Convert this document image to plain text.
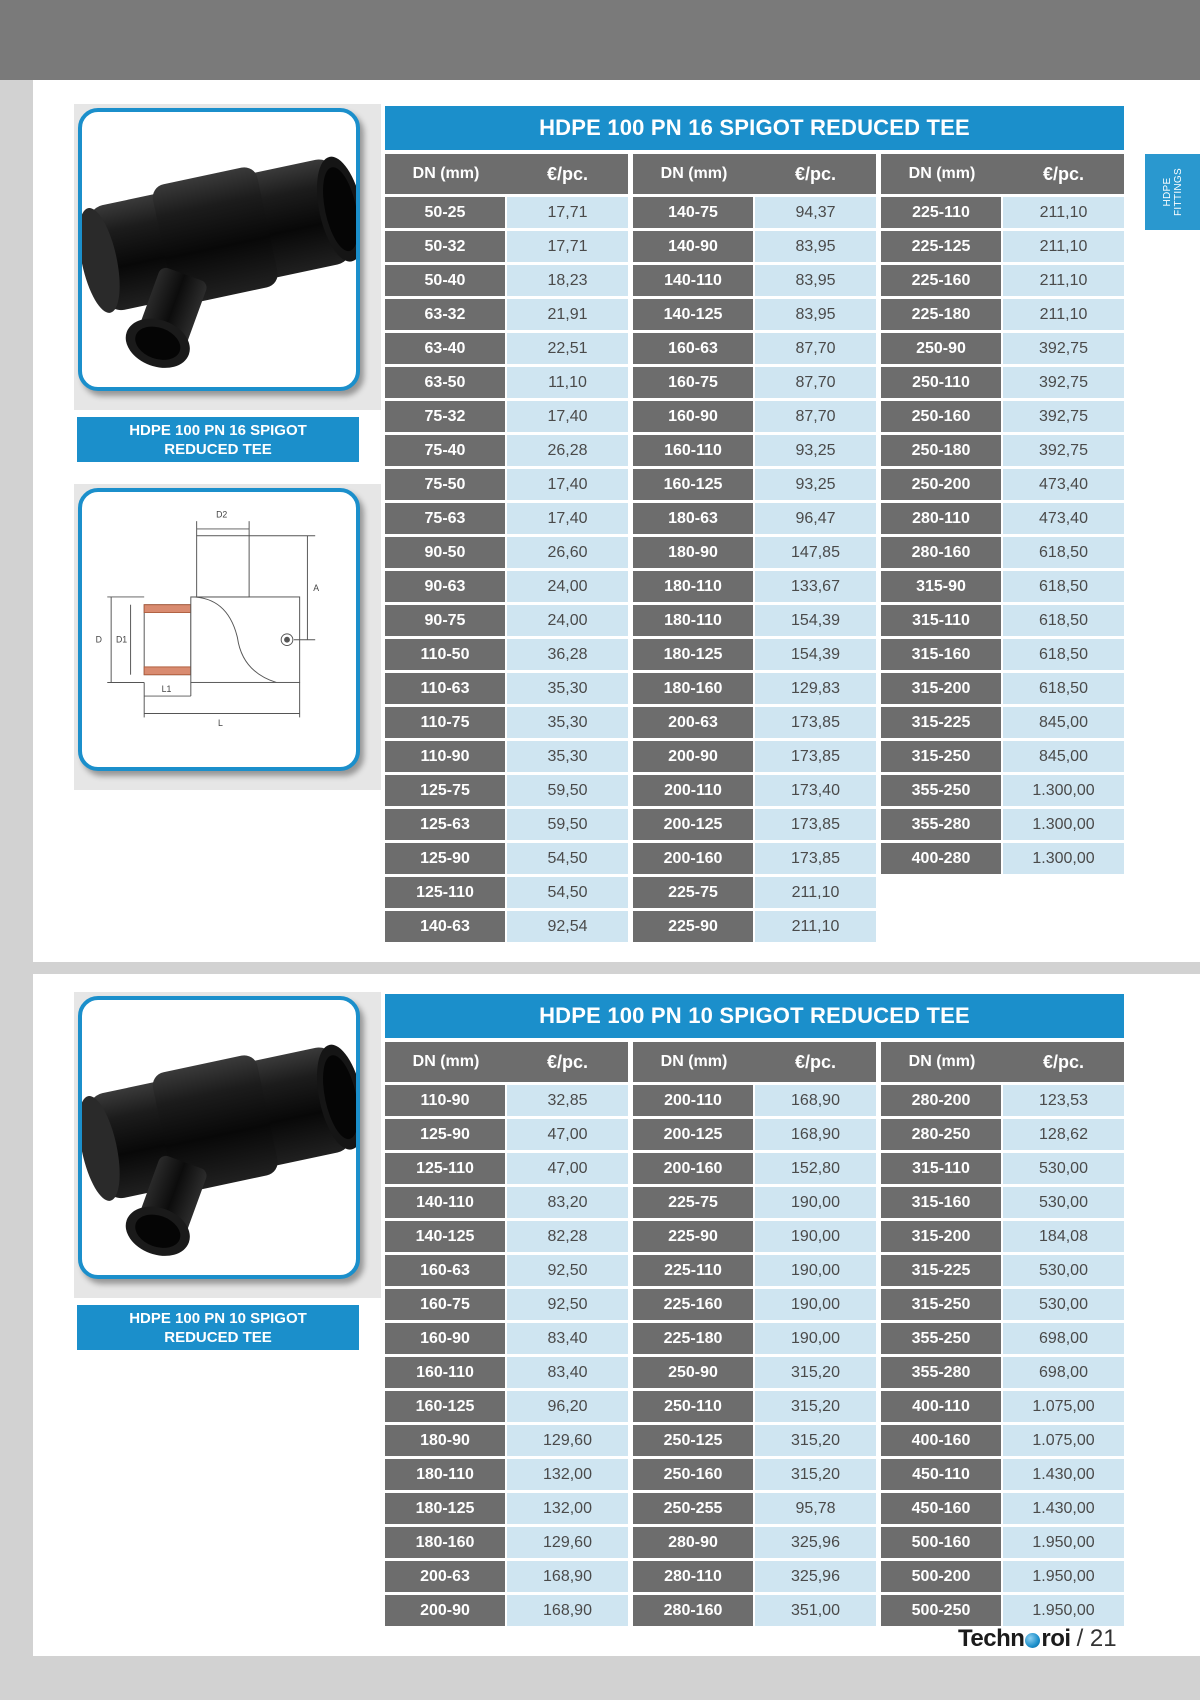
HDPE
FITTINGS
HDPE 100 PN 16 SPIGOT REDUCED TEE
D2
A
D D1
L1
L
HDPE 100 PN 16 SPIGOT REDUCED TEE
DN (mm)	€/pc.
50-25	17,71
50-32	17,71
50-40	18,23
63-32	21,91
63-40	22,51
63-50	11,10
75-32	17,40
75-40	26,28
75-50	17,40
75-63	17,40
90-50	26,60
90-63	24,00
90-75	24,00
110-50	36,28
110-63	35,30
110-75	35,30
110-90	35,30
125-75	59,50
125-63	59,50
125-90	54,50
125-110	54,50
140-63	92,54
DN (mm)	€/pc.
140-75	94,37
140-90	83,95
140-110	83,95
140-125	83,95
160-63	87,70
160-75	87,70
160-90	87,70
160-110	93,25
160-125	93,25
180-63	96,47
180-90	147,85
180-110	133,67
180-110	154,39
180-125	154,39
180-160	129,83
200-63	173,85
200-90	173,85
200-110	173,40
200-125	173,85
200-160	173,85
225-75	211,10
225-90	211,10
DN (mm)	€/pc.
225-110	211,10
225-125	211,10
225-160	211,10
225-180	211,10
250-90	392,75
250-110	392,75
250-160	392,75
250-180	392,75
250-200	473,40
280-110	473,40
280-160	618,50
315-90	618,50
315-110	618,50
315-160	618,50
315-200	618,50
315-225	845,00
315-250	845,00
355-250	1.300,00
355-280	1.300,00
400-280	1.300,00
HDPE 100 PN 10 SPIGOT REDUCED TEE
HDPE 100 PN 10 SPIGOT REDUCED TEE
DN (mm)	€/pc.
110-90	32,85
125-90	47,00
125-110	47,00
140-110	83,20
140-125	82,28
160-63	92,50
160-75	92,50
160-90	83,40
160-110	83,40
160-125	96,20
180-90	129,60
180-110	132,00
180-125	132,00
180-160	129,60
200-63	168,90
200-90	168,90
DN (mm)	€/pc.
200-110	168,90
200-125	168,90
200-160	152,80
225-75	190,00
225-90	190,00
225-110	190,00
225-160	190,00
225-180	190,00
250-90	315,20
250-110	315,20
250-125	315,20
250-160	315,20
250-255	95,78
280-90	325,96
280-110	325,96
280-160	351,00
DN (mm)	€/pc.
280-200	123,53
280-250	128,62
315-110	530,00
315-160	530,00
315-200	184,08
315-225	530,00
315-250	530,00
355-250	698,00
355-280	698,00
400-110	1.075,00
400-160	1.075,00
450-110	1.430,00
450-160	1.430,00
500-160	1.950,00
500-200	1.950,00
500-250	1.950,00
Techn roi / 21
